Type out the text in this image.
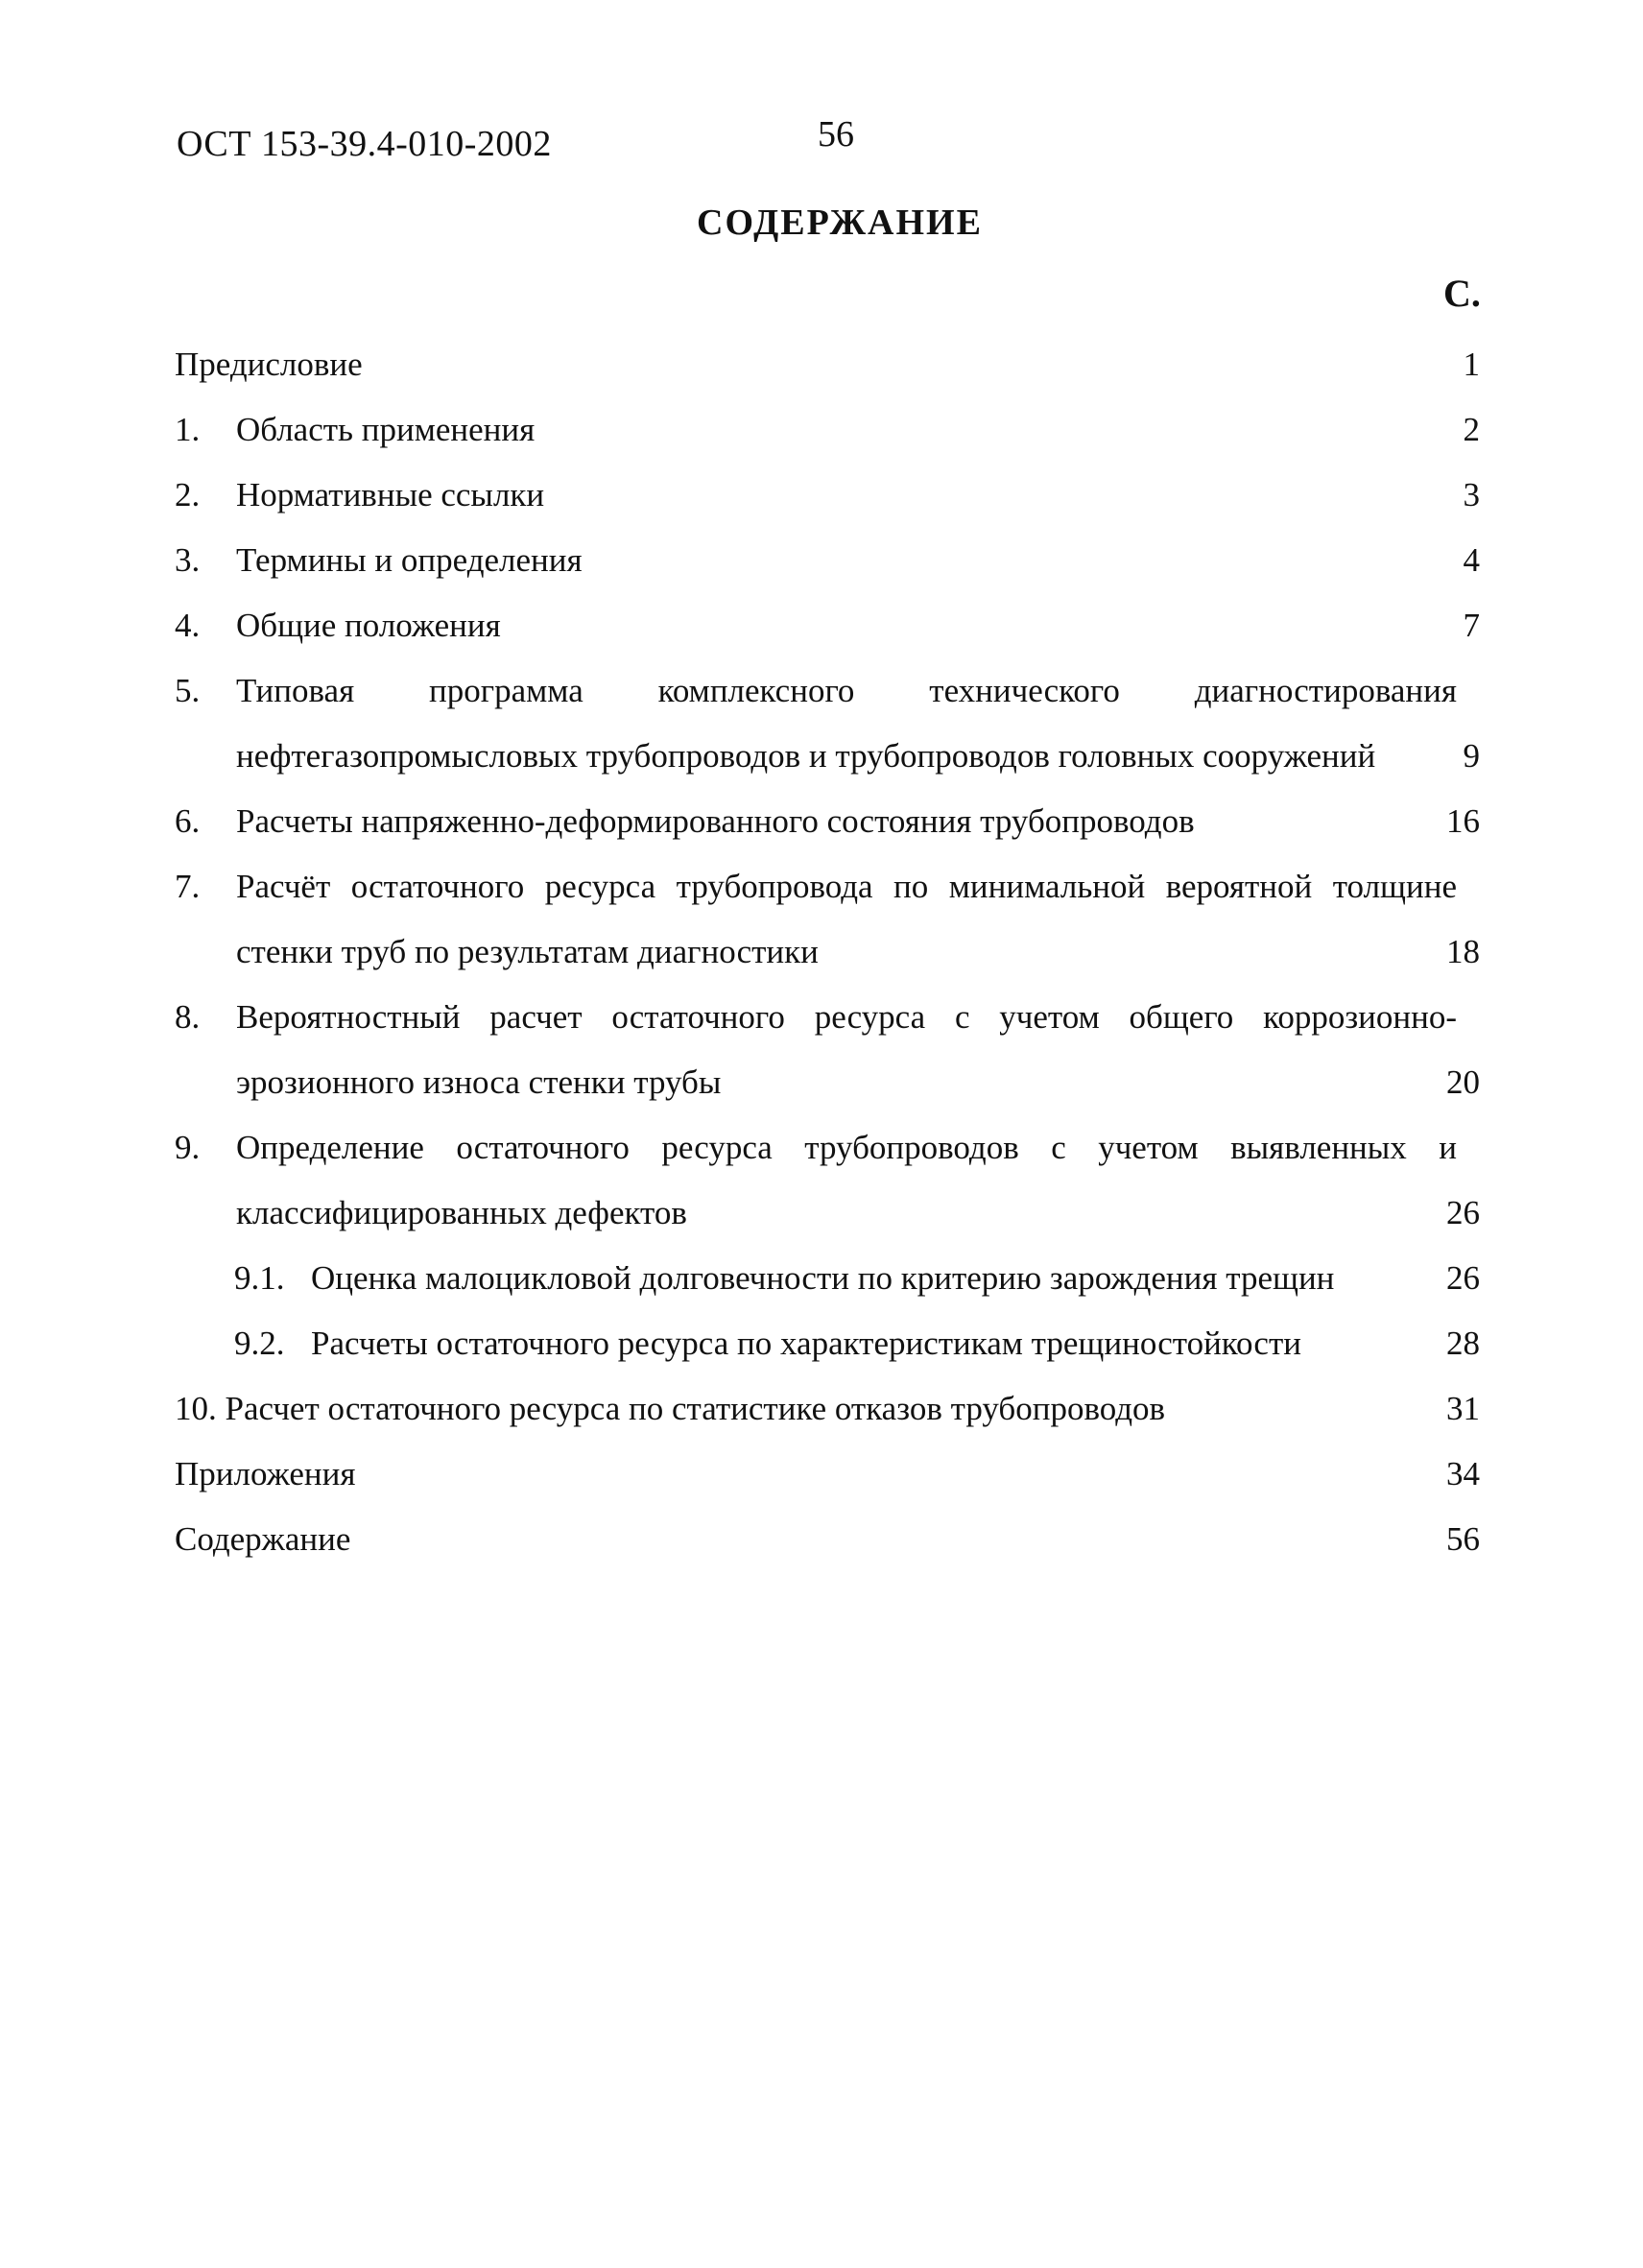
ОСТ 153-39.4-010-2002	56
СОДЕРЖАНИЕ
С.
Предисловие	1
1. Область применения	2
2. Нормативные ссылки	3
3. Термины и определения	4
4. Общие положения	7
5. Типовая программа комплексного технического диагностирования нефтегазопромысловых трубопроводов и трубопроводов головных сооружений	9
6. Расчеты напряженно-деформированного состояния трубопроводов	16
7. Расчёт остаточного ресурса трубопровода по минимальной вероятной толщине стенки труб по результатам диагностики	18
8. Вероятностный расчет остаточного ресурса с учетом общего коррозионно-эрозионного износа стенки трубы	20
9. Определение остаточного ресурса трубопроводов с учетом выявленных и классифицированных дефектов	26
9.1. Оценка малоцикловой долговечности по критерию зарождения трещин	26
9.2. Расчеты остаточного ресурса по характеристикам трещиностойкости	28
10. Расчет остаточного ресурса по статистике отказов трубопроводов	31
Приложения	34
Содержание	56
